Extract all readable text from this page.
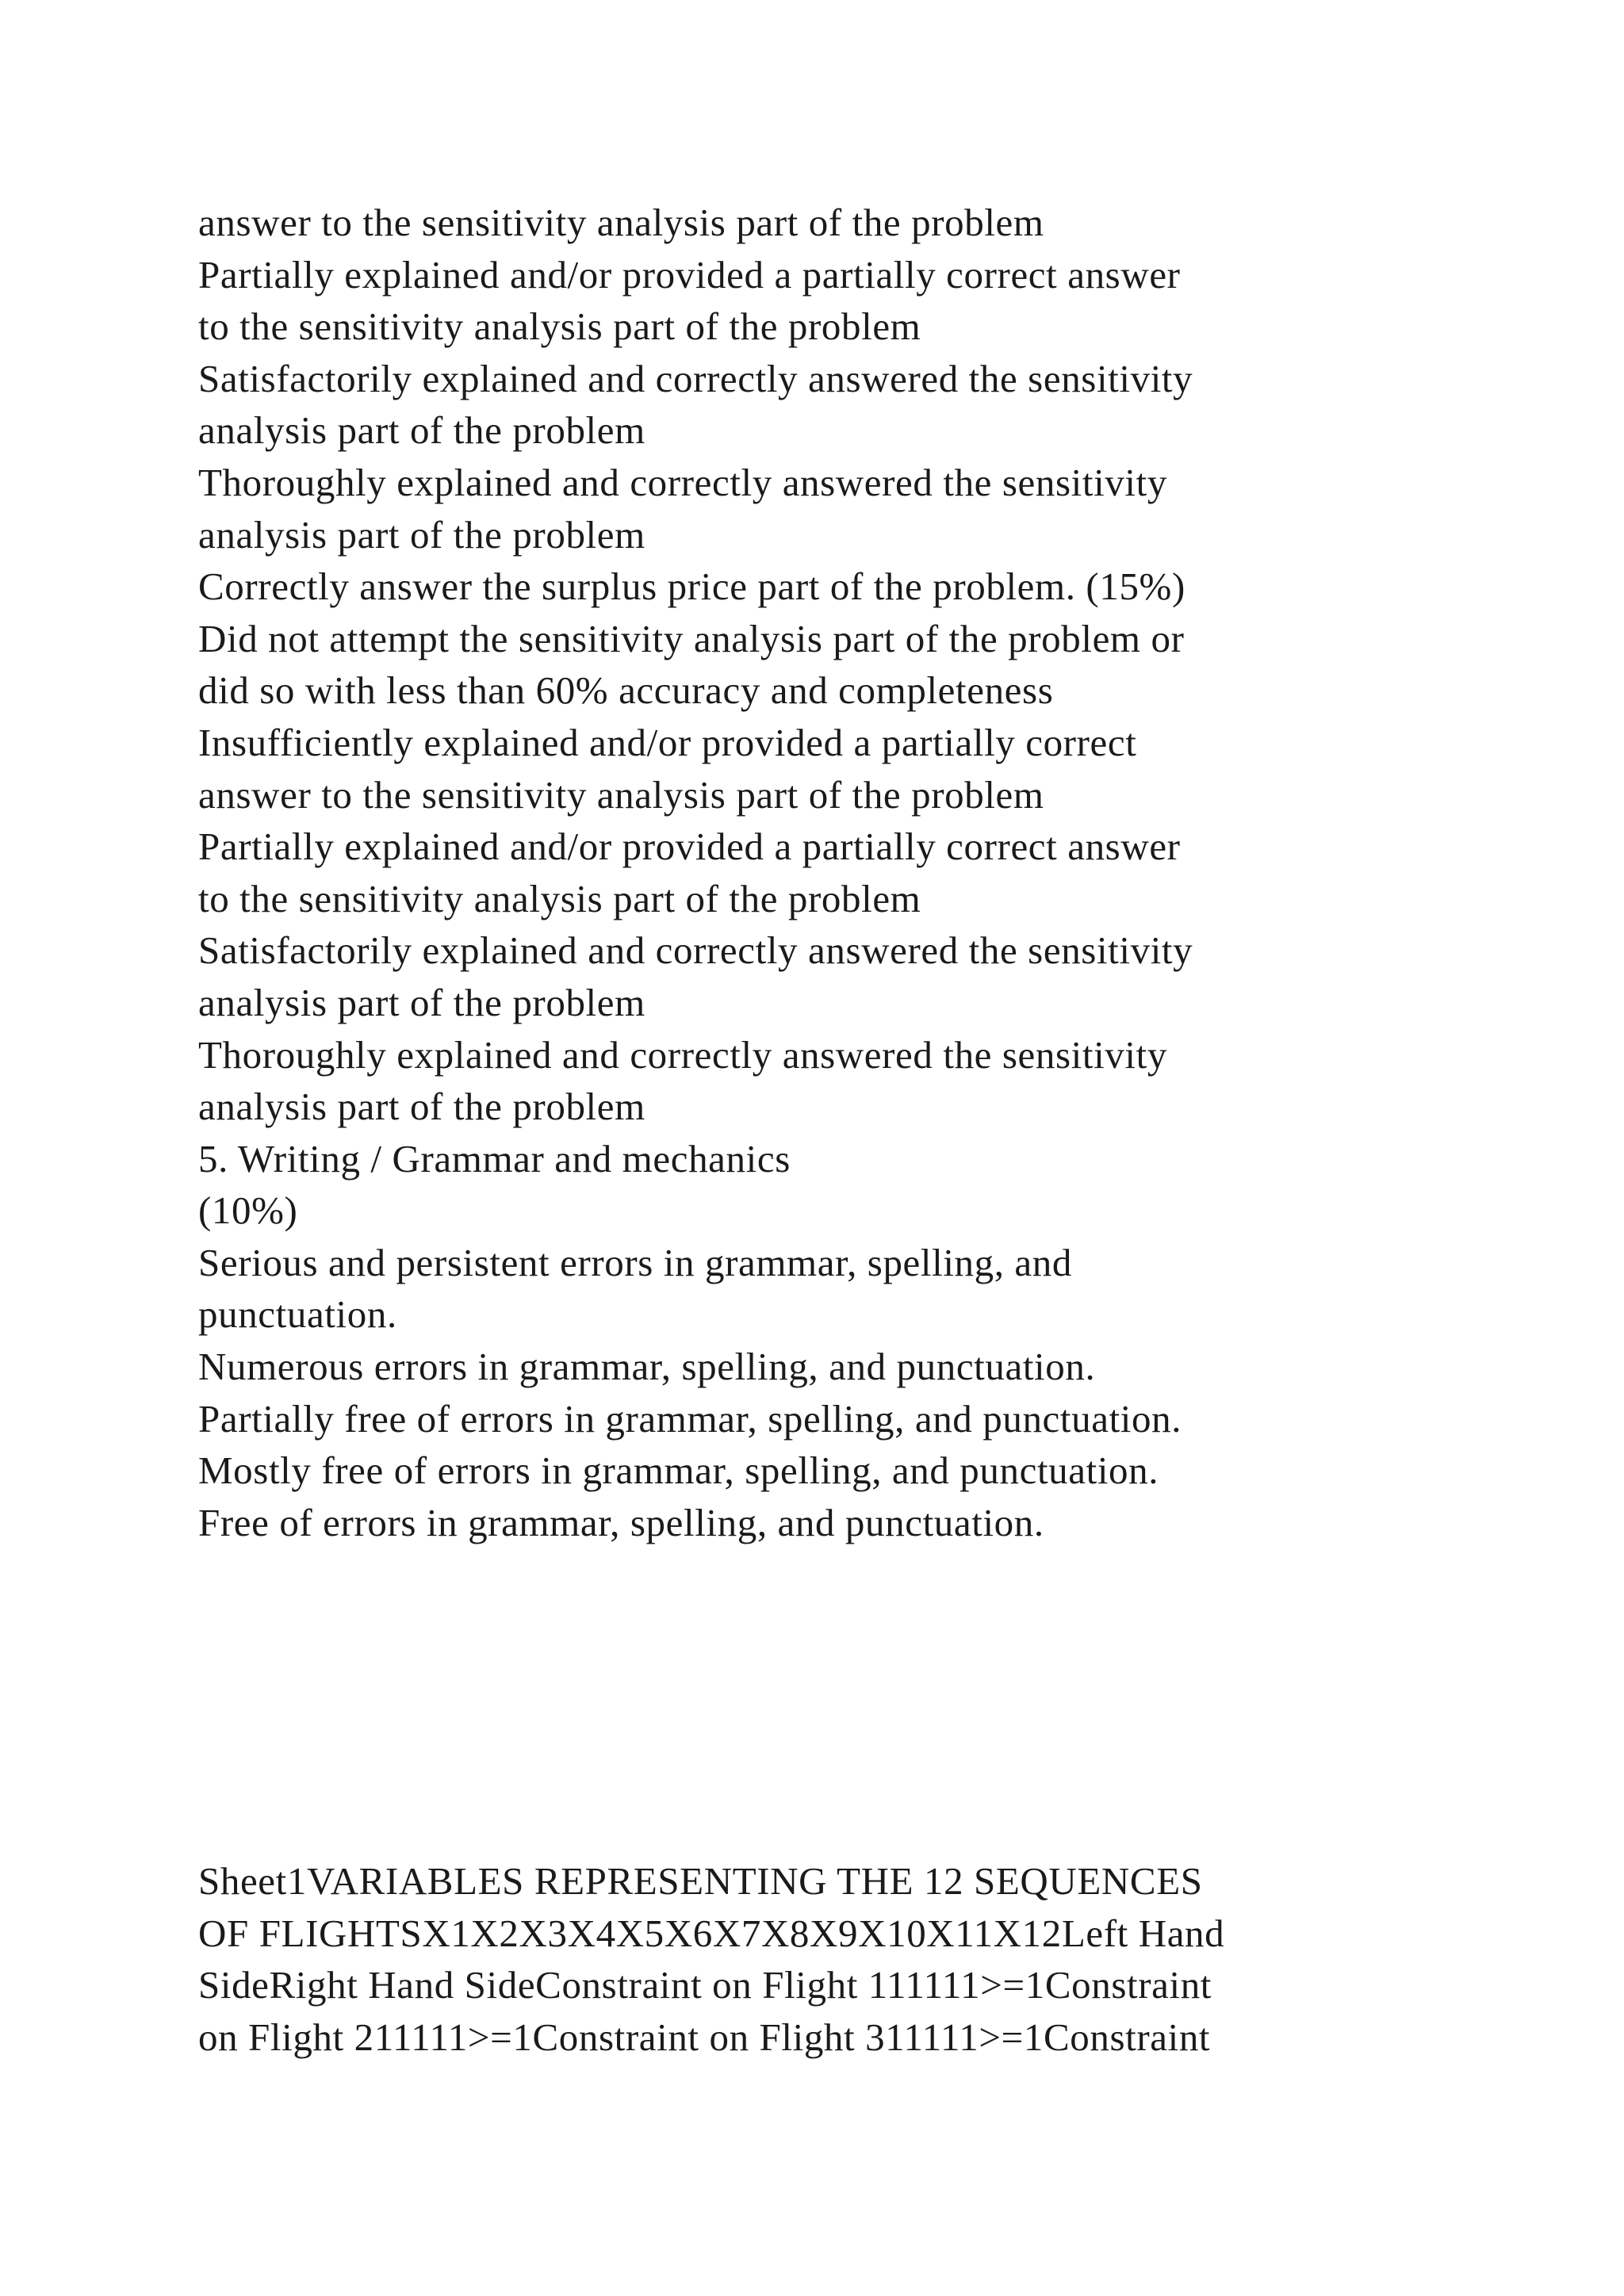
answer to the sensitivity analysis part of the problem
Partially explained and/or provided a partially correct answer
to the sensitivity analysis part of the problem
Satisfactorily explained and correctly answered the sensitivity
analysis part of the problem
Thoroughly explained and correctly answered the sensitivity
analysis part of the problem
Correctly answer the surplus price part of the problem. (15%)
Did not attempt the sensitivity analysis part of the problem or
did so with less than 60% accuracy and completeness
Insufficiently explained and/or provided a partially correct
answer to the sensitivity analysis part of the problem
Partially explained and/or provided a partially correct answer
to the sensitivity analysis part of the problem
Satisfactorily explained and correctly answered the sensitivity
analysis part of the problem
Thoroughly explained and correctly answered the sensitivity
analysis part of the problem
5. Writing / Grammar and mechanics
(10%)
Serious and persistent errors in grammar, spelling, and
punctuation.
Numerous errors in grammar, spelling, and punctuation.
Partially free of errors in grammar, spelling, and punctuation.
Mostly free of errors in grammar, spelling, and punctuation.
Free of errors in grammar, spelling, and punctuation.
Sheet1VARIABLES REPRESENTING THE 12 SEQUENCES
OF FLIGHTSX1X2X3X4X5X6X7X8X9X10X11X12Left Hand
SideRight Hand SideConstraint on Flight 111111>=1Constraint
on Flight 211111>=1Constraint on Flight 311111>=1Constraint
